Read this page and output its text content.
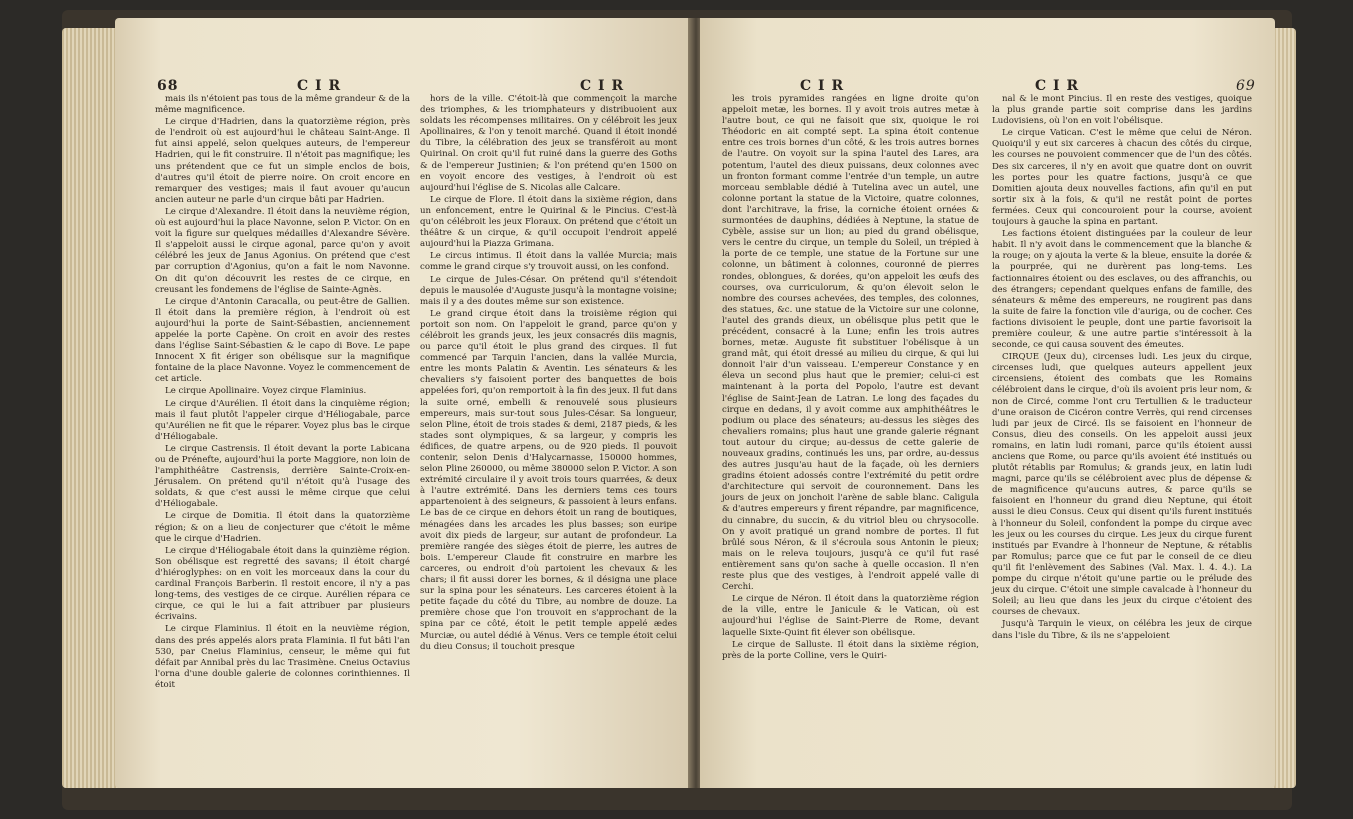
68	C I R	C I R

mais ils n'étoient pas tous de la même grandeur & de la même magnificence.

Le cirque d'Hadrien, dans la quatorzième région, près de l'endroit où est aujourd'hui le château Saint-Ange. Il fut ainsi appelé, selon quelques auteurs, de l'empereur Hadrien, qui le fit construire. Il n'étoit pas magnifique; les uns prétendent que ce fut un simple enclos de bois, d'autres qu'il étoit de pierre noire. On croit encore en remarquer des vestiges; mais il faut avouer qu'aucun ancien auteur ne parle d'un cirque bâti par Hadrien.

Le cirque d'Alexandre. Il étoit dans la neuvième région, où est aujourd'hui la place Navonne, selon P. Victor. On en voit la figure sur quelques médailles d'Alexandre Sévère. Il s'appeloit aussi le cirque agonal, parce qu'on y avoit célébré les jeux de Janus Agonius. On prétend que c'est par corruption d'Agonius, qu'on a fait le nom Navonne. On dit qu'on découvrit les restes de ce cirque, en creusant les fondemens de l'église de Sainte-Agnès.

Le cirque d'Antonin Caracalla, ou peut-être de Gallien. Il étoit dans la première région, à l'endroit où est aujourd'hui la porte de Saint-Sébastien, anciennement appelée la porte Capène. On croit en avoir des restes dans l'église Saint-Sébastien & le capo di Bove. Le pape Innocent X fit ériger son obélisque sur la magnifique fontaine de la place Navonne. Voyez le commencement de cet article.

Le cirque Apollinaire. Voyez cirque Flaminius.

Le cirque d'Aurélien. Il étoit dans la cinquième région; mais il faut plutôt l'appeler cirque d'Héliogabale, parce qu'Aurélien ne fit que le réparer. Voyez plus bas le cirque d'Héliogabale.

Le cirque Castrensis. Il étoit devant la porte Labicana ou de Prénefte, aujourd'hui la porte Maggiore, non loin de l'amphithéâtre Castrensis, derrière Sainte-Croix-en-Jérusalem. On prétend qu'il n'étoit qu'à l'usage des soldats, & que c'est aussi le même cirque que celui d'Héliogabale.

Le cirque de Domitia. Il étoit dans la quatorzième région; & on a lieu de conjecturer que c'étoit le même que le cirque d'Hadrien.

Le cirque d'Héliogabale étoit dans la quinzième région. Son obélisque est regretté des savans; il étoit chargé d'hiéroglyphes: on en voit les morceaux dans la cour du cardinal François Barberin. Il restoit encore, il n'y a pas long-tems, des vestiges de ce cirque. Aurélien répara ce cirque, ce qui le lui a fait attribuer par plusieurs écrivains.

Le cirque Flaminius. Il étoit en la neuvième région, dans des prés appelés alors prata Flaminia. Il fut bâti l'an 530, par Cneius Flaminius, censeur, le même qui fut défait par Annibal près du lac Trasimène. Cneius Octavius l'orna d'une double galerie de colonnes corinthiennes. Il étoit

hors de la ville. C'étoit-là que commençoit la marche des triomphes, & les triomphateurs y distribuoient aux soldats les récompenses militaires. On y célébroit les jeux Apollinaires, & l'on y tenoit marché. Quand il étoit inondé du Tibre, la célébration des jeux se transféroit au mont Quirinal. On croit qu'il fut ruiné dans la guerre des Goths & de l'empereur Justinien; & l'on prétend qu'en 1500 on en voyoit encore des vestiges, à l'endroit où est aujourd'hui l'église de S. Nicolas alle Calcare.

Le cirque de Flore. Il étoit dans la sixième région, dans un enfoncement, entre le Quirinal & le Pincius. C'est-là qu'on célébroit les jeux Floraux. On prétend que c'étoit un théâtre & un cirque, & qu'il occupoit l'endroit appelé aujourd'hui la Piazza Grimana.

Le circus intimus. Il étoit dans la vallée Murcia; mais comme le grand cirque s'y trouvoit aussi, on les confond.

Le cirque de Jules-César. On prétend qu'il s'étendoit depuis le mausolée d'Auguste jusqu'à la montagne voisine; mais il y a des doutes même sur son existence.

Le grand cirque étoit dans la troisième région qui portoit son nom. On l'appeloit le grand, parce qu'on y célébroit les grands jeux, les jeux consacrés diis magnis, ou parce qu'il étoit le plus grand des cirques. Il fut commencé par Tarquin l'ancien, dans la vallée Murcia, entre les monts Palatin & Aventin. Les sénateurs & les chevaliers s'y faisoient porter des banquettes de bois appelées fori, qu'on remportoit à la fin des jeux. Il fut dans la suite orné, embelli & renouvelé sous plusieurs empereurs, mais sur-tout sous Jules-César. Sa longueur, selon Pline, étoit de trois stades & demi, 2187 pieds, & les stades sont olympiques, & sa largeur, y compris les édifices, de quatre arpens, ou de 920 pieds. Il pouvoit contenir, selon Denis d'Halycarnasse, 150000 hommes, selon Pline 260000, ou même 380000 selon P. Victor. A son extrémité circulaire il y avoit trois tours quarrées, & deux à l'autre extrémité. Dans les derniers tems ces tours appartenoient à des seigneurs, & passoient à leurs enfans. Le bas de ce cirque en dehors étoit un rang de boutiques, ménagées dans les arcades les plus basses; son euripe avoit dix pieds de largeur, sur autant de profondeur. La première rangée des sièges étoit de pierre, les autres de bois. L'empereur Claude fit construire en marbre les carceres, ou endroit d'où partoient les chevaux & les chars; il fit aussi dorer les bornes, & il désigna une place sur la spina pour les sénateurs. Les carceres étoient à la petite façade du côté du Tibre, au nombre de douze. La première chose que l'on trouvoit en s'approchant de la spina par ce côté, étoit le petit temple appelé ædes Murciæ, ou autel dédié à Vénus. Vers ce temple étoit celui du dieu Consus; il touchoit presque

C I R	C I R	69

les trois pyramides rangées en ligne droite qu'on appeloit metæ, les bornes. Il y avoit trois autres metæ à l'autre bout, ce qui ne faisoit que six, quoique le roi Théodoric en ait compté sept. La spina étoit contenue entre ces trois bornes d'un côté, & les trois autres bornes de l'autre. On voyoit sur la spina l'autel des Lares, ara potentum, l'autel des dieux puissans, deux colonnes avec un fronton formant comme l'entrée d'un temple, un autre morceau semblable dédié à Tutelina avec un autel, une colonne portant la statue de la Victoire, quatre colonnes, dont l'architrave, la frise, la corniche étoient ornées & surmontées de dauphins, dédiées à Neptune, la statue de Cybèle, assise sur un lion; au pied du grand obélisque, vers le centre du cirque, un temple du Soleil, un trépied à la porte de ce temple, une statue de la Fortune sur une colonne, un bâtiment à colonnes, couronné de pierres rondes, oblongues, & dorées, qu'on appeloit les œufs des courses, ova curriculorum, & qu'on élevoit selon le nombre des courses achevées, des temples, des colonnes, des statues, &c. une statue de la Victoire sur une colonne, l'autel des grands dieux, un obélisque plus petit que le précédent, consacré à la Lune; enfin les trois autres bornes, metæ. Auguste fit substituer l'obélisque à un grand mât, qui étoit dressé au milieu du cirque, & qui lui donnoit l'air d'un vaisseau. L'empereur Constance y en éleva un second plus haut que le premier; celui-ci est maintenant à la porta del Popolo, l'autre est devant l'église de Saint-Jean de Latran. Le long des façades du cirque en dedans, il y avoit comme aux amphithéâtres le podium ou place des sénateurs; au-dessus les sièges des chevaliers romains; plus haut une grande galerie régnant tout autour du cirque; au-dessus de cette galerie de nouveaux gradins, continués les uns, par ordre, au-dessus des autres jusqu'au haut de la façade, où les derniers gradins étoient adossés contre l'extrémité du petit ordre d'architecture qui servoit de couronnement. Dans les jours de jeux on jonchoit l'arène de sable blanc. Caligula & d'autres empereurs y firent répandre, par magnificence, du cinnabre, du succin, & du vitriol bleu ou chrysocolle. On y avoit pratiqué un grand nombre de portes. Il fut brûlé sous Néron, & il s'écroula sous Antonin le pieux; mais on le releva toujours, jusqu'à ce qu'il fut rasé entièrement sans qu'on sache à quelle occasion. Il n'en reste plus que des vestiges, à l'endroit appelé valle di Cerchi.

Le cirque de Néron. Il étoit dans la quatorzième région de la ville, entre le Janicule & le Vatican, où est aujourd'hui l'église de Saint-Pierre de Rome, devant laquelle Sixte-Quint fit élever son obélisque.

Le cirque de Salluste. Il étoit dans la sixième région, près de la porte Colline, vers le Quiri-

nal & le mont Pincius. Il en reste des vestiges, quoique la plus grande partie soit comprise dans les jardins Ludovisiens, où l'on en voit l'obélisque.

Le cirque Vatican. C'est le même que celui de Néron. Quoiqu'il y eut six carceres à chacun des côtés du cirque, les courses ne pouvoient commencer que de l'un des côtés. Des six carceres, il n'y en avoit que quatre dont on ouvrit les portes pour les quatre factions, jusqu'à ce que Domitien ajouta deux nouvelles factions, afin qu'il en put sortir six à la fois, & qu'il ne restât point de portes fermées. Ceux qui concouroient pour la course, avoient toujours à gauche la spina en partant.

Les factions étoient distinguées par la couleur de leur habit. Il n'y avoit dans le commencement que la blanche & la rouge; on y ajouta la verte & la bleue, ensuite la dorée & la pourprée, qui ne durèrent pas long-tems. Les factionnaires étoient ou des esclaves, ou des affranchis, ou des étrangers; cependant quelques enfans de famille, des sénateurs & même des empereurs, ne rougirent pas dans la suite de faire la fonction vile d'auriga, ou de cocher. Ces factions divisoient le peuple, dont une partie favorisoit la première couleur, & une autre partie s'intéressoit à la seconde, ce qui causa souvent des émeutes.

CIRQUE (Jeux du), circenses ludi. Les jeux du cirque, circenses ludi, que quelques auteurs appellent jeux circensiens, étoient des combats que les Romains célébroient dans le cirque, d'où ils avoient pris leur nom, & non de Circé, comme l'ont cru Tertullien & le traducteur d'une oraison de Cicéron contre Verrès, qui rend circenses ludi par jeux de Circé. Ils se faisoient en l'honneur de Consus, dieu des conseils. On les appeloit aussi jeux romains, en latin ludi romani, parce qu'ils étoient aussi anciens que Rome, ou parce qu'ils avoient été institués ou plutôt rétablis par Romulus; & grands jeux, en latin ludi magni, parce qu'ils se célébroient avec plus de dépense & de magnificence qu'aucuns autres, & parce qu'ils se faisoient en l'honneur du grand dieu Neptune, qui étoit aussi le dieu Consus. Ceux qui disent qu'ils furent institués à l'honneur du Soleil, confondent la pompe du cirque avec les jeux ou les courses du cirque. Les jeux du cirque furent institués par Evandre à l'honneur de Neptune, & rétablis par Romulus; parce que ce fut par le conseil de ce dieu qu'il fit l'enlèvement des Sabines (Val. Max. l. 4. 4.). La pompe du cirque n'étoit qu'une partie ou le prélude des jeux du cirque. C'étoit une simple cavalcade à l'honneur du Soleil; au lieu que dans les jeux du cirque c'étoient des courses de chevaux.

Jusqu'à Tarquin le vieux, on célébra les jeux de cirque dans l'isle du Tibre, & ils ne s'appeloient
